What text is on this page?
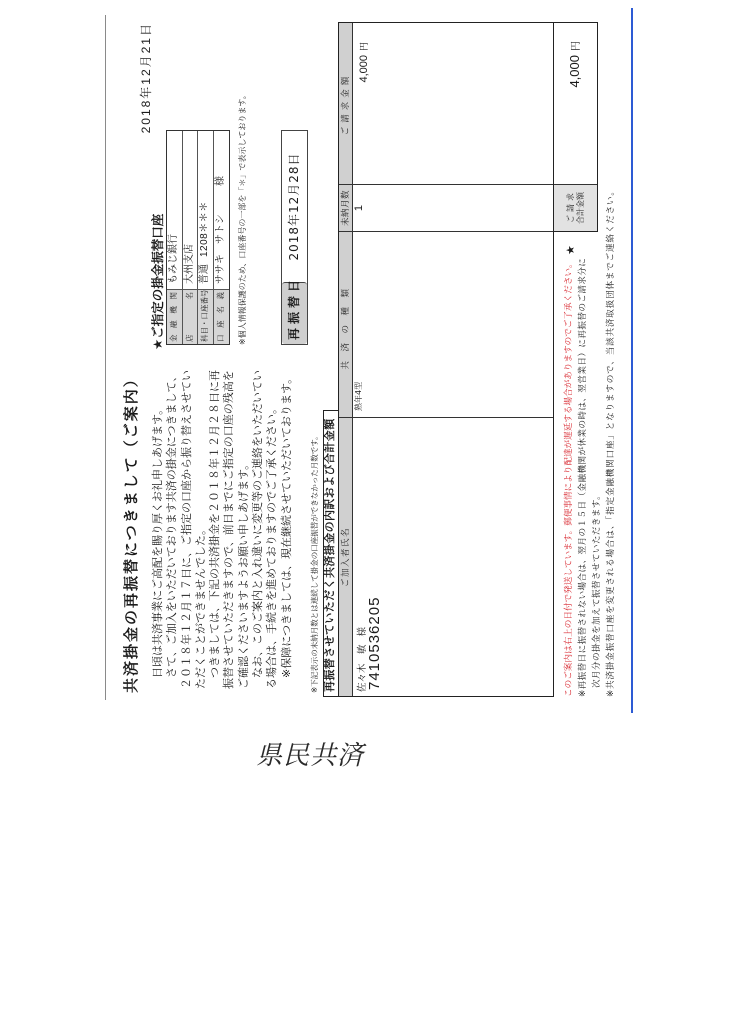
2018年12月21日
共済掛金の再振替につきまして（ご案内） 日頃は共済事業にご高配を賜り厚くお礼申しあげます。 さて、ご加入をいただいております共済の掛金につきまして、 ２０１８年１２月１７日に、ご指定の口座から振り替えさせてい ただくことができませんでした。 つきましては、下記の共済掛金を２０１８年１２月２８日に再 振替させていただきますので、前日までにご指定の口座の残高を ご確認くださいますようお願い申しあげます。 なお、このご案内と入れ違いに変更等のご連絡をいただいてい る場合は、手続きを進めておりますのでご了承ください。 ※保障につきましては、現在継続させていただいております。
★ご指定の掛金振替口座 金融機関
もみじ銀行
店名
大州支店
科目・口座番号
普通1208＊＊＊
口座名義
ササキ　サトシ様	※個人情報保護のため、口座番号の一部を「＊」で表示しております。	再振替日
2018年12月28日
※下記表示の未納月数とは連続して掛金の口座振替ができなかった月数です。 再振替させていただく共済掛金の内訳および合計金額 ご加入者氏名
共済の種類
未納月数
ご請求金額
佐々木　敏様
7410536205
熟年4型
1
4,000円
ご請求 合計金額
4,000円
★
このご案内は右上の日付で発送しています。郵便事情により配達が遅延する場合がありますのでご了承ください。 ※再振替日に振替されない場合は、翌月の１５日（金融機関が休業の時は、翌営業日）に再振替のご請求分に 次月分の掛金を加えて振替させていただきます。 ※共済掛金振替口座を変更される場合は、「指定金融機関口座」となりますので、当該共済取扱団体までご連絡ください。
県民共済
